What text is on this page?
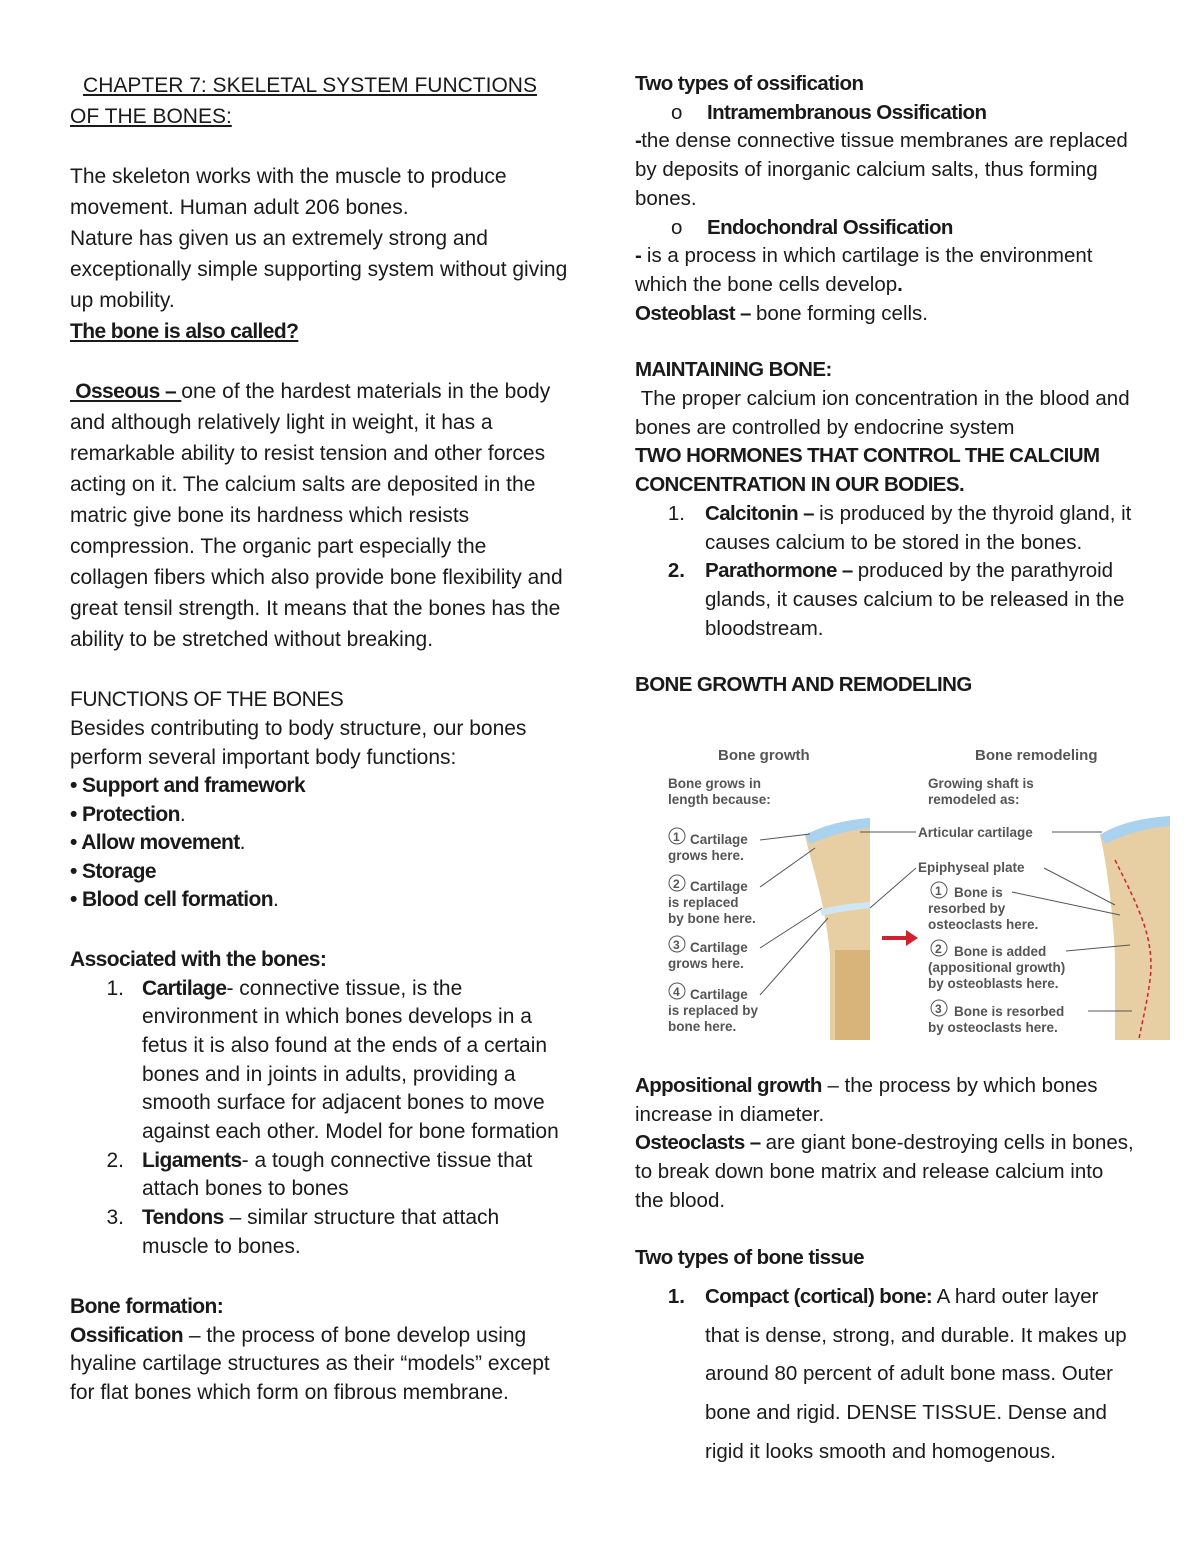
CHAPTER 7: SKELETAL SYSTEM FUNCTIONS

OF THE BONES:

The skeleton works with the muscle to produce movement. Human adult 206 bones.

Nature has given us an extremely strong and exceptionally simple supporting system without giving up mobility.

The bone is also called?

Osseous – one of the hardest materials in the body and although relatively light in weight, it has a remarkable ability to resist tension and other forces acting on it. The calcium salts are deposited in the matric give bone its hardness which resists compression. The organic part especially the collagen fibers which also provide bone flexibility and great tensil strength. It means that the bones has the ability to be stretched without breaking.

FUNCTIONS OF THE BONES

Besides contributing to body structure, our bones perform several important body functions:

• Support and framework

• Protection.

• Allow movement.

• Storage

• Blood cell formation.

Associated with the bones:

1. Cartilage- connective tissue, is the environment in which bones develops in a fetus it is also found at the ends of a certain bones and in joints in adults, providing a smooth surface for adjacent bones to move against each other. Model for bone formation
2. Ligaments- a tough connective tissue that attach bones to bones
3. Tendons – similar structure that attach muscle to bones.

Bone formation:

Ossification – the process of bone develop using hyaline cartilage structures as their “models” except for flat bones which form on fibrous membrane.

Two types of ossification

o Intramembranous Ossification

-the dense connective tissue membranes are replaced by deposits of inorganic calcium salts, thus forming bones.

o Endochondral Ossification

- is a process in which cartilage is the environment which the bone cells develop.

Osteoblast – bone forming cells.

MAINTAINING BONE:

The proper calcium ion concentration in the blood and bones are controlled by endocrine system

TWO HORMONES THAT CONTROL THE CALCIUM CONCENTRATION IN OUR BODIES.

1. Calcitonin – is produced by the thyroid gland, it causes calcium to be stored in the bones.
2. Parathormone – produced by the parathyroid glands, it causes calcium to be released in the bloodstream.

BONE GROWTH AND REMODELING

Bone growth	Bone remodeling
Bone grows in
length because:
Growing shaft is
remodeled as:
1 Cartilage
grows here.
2 Cartilage
is replaced
by bone here.
3 Cartilage
grows here.
4 Cartilage
is replaced by
bone here.
Articular cartilage
Epiphyseal plate
1 Bone is
resorbed by
osteoclasts here.
2 Bone is added
(appositional growth)
by osteoblasts here.
3 Bone is resorbed
by osteoclasts here.

Appositional growth – the process by which bones increase in diameter.

Osteoclasts – are giant bone-destroying cells in bones, to break down bone matrix and release calcium into the blood.

Two types of bone tissue

1. Compact (cortical) bone: A hard outer layer that is dense, strong, and durable. It makes up around 80 percent of adult bone mass. Outer bone and rigid. DENSE TISSUE. Dense and rigid it looks smooth and homogenous.
